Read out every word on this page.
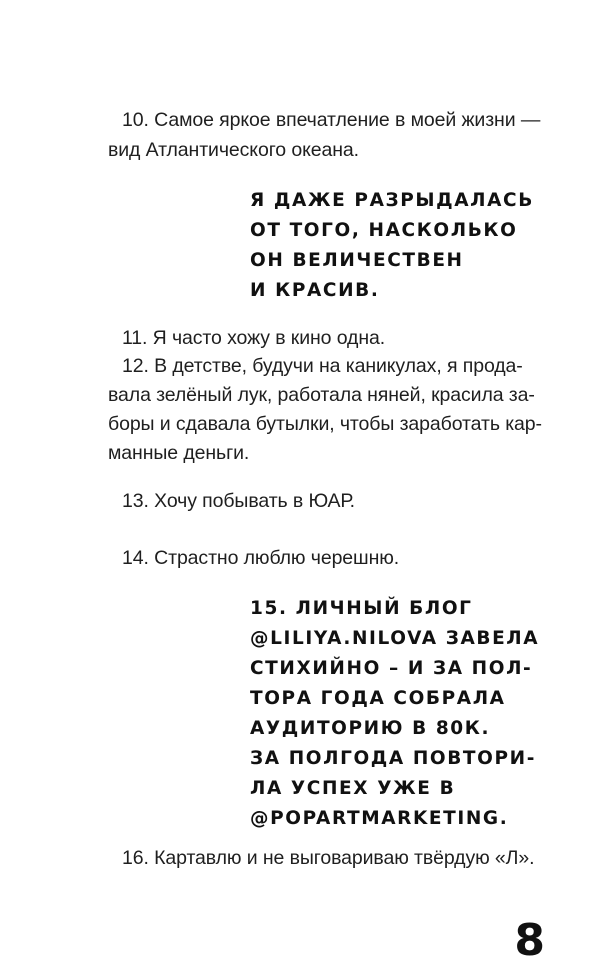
10. Самое яркое впечатление в моей жизни —
вид Атлантического океана.
Я ДАЖЕ РАЗРЫДАЛАСЬ
ОТ ТОГО, НАСКОЛЬКО
ОН ВЕЛИЧЕСТВЕН
И КРАСИВ.
11. Я часто хожу в кино одна.
12. В детстве, будучи на каникулах, я прода-
вала зелёный лук, работала няней, красила за-
боры и сдавала бутылки, чтобы заработать кар-
манные деньги.
13. Хочу побывать в ЮАР.
14. Страстно люблю черешню.
15. ЛИЧНЫЙ БЛОГ
@LILIYA.NILOVA ЗАВЕЛА
СТИХИЙНО – И ЗА ПОЛ-
ТОРА ГОДА СОБРАЛА
АУДИТОРИЮ В 80К.
ЗА ПОЛГОДА ПОВТОРИ-
ЛА УСПЕХ УЖЕ В
@POPARTMARKETING.
16. Картавлю и не выговариваю твёрдую «Л».
8
